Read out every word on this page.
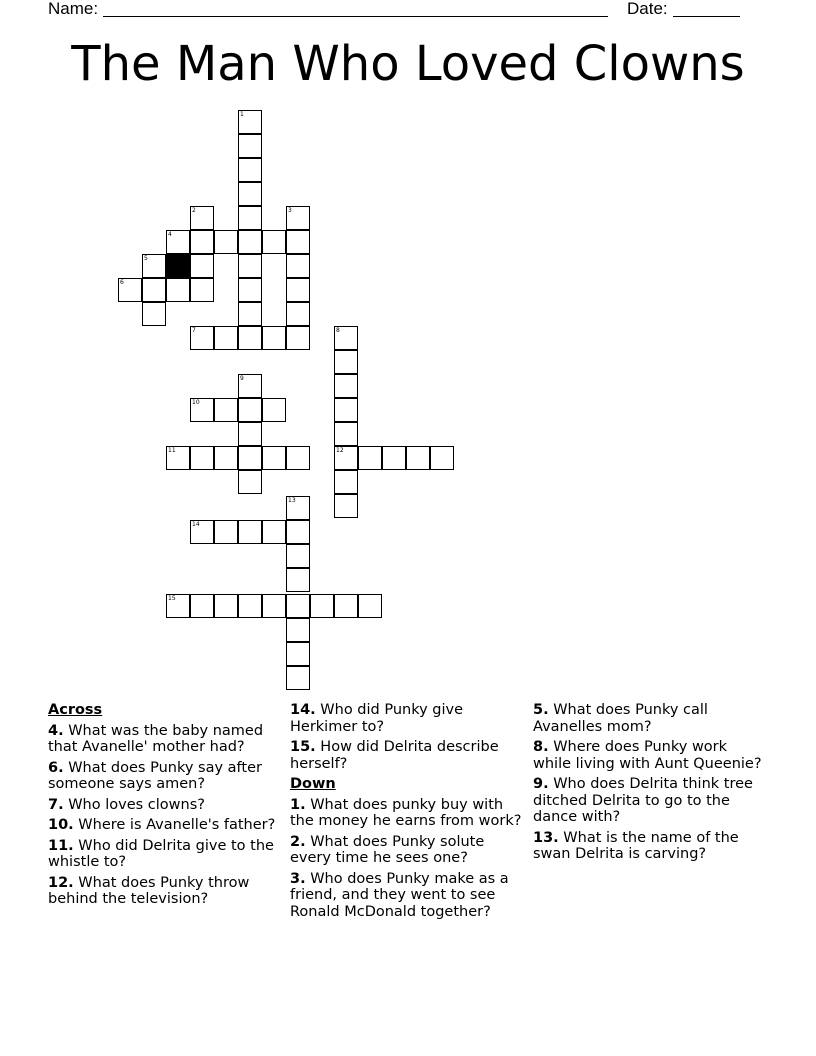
Name:	Date:
The Man Who Loved Clowns
1
2	3
4
5
6
7	8
9
10
11	12
13
14
15
Across
4. What was the baby named that Avanelle' mother had?
6. What does Punky say after someone says amen?
7. Who loves clowns?
10. Where is Avanelle's father?
11. Who did Delrita give to the whistle to?
12. What does Punky throw behind the television?
14. Who did Punky give Herkimer to?
15. How did Delrita describe herself?
Down
1. What does punky buy with the money he earns from work?
2. What does Punky solute every time he sees one?
3. Who does Punky make as a friend, and they went to see Ronald McDonald together?
5. What does Punky call Avanelles mom?
8. Where does Punky work while living with Aunt Queenie?
9. Who does Delrita think tree ditched Delrita to go to the dance with?
13. What is the name of the swan Delrita is carving?
